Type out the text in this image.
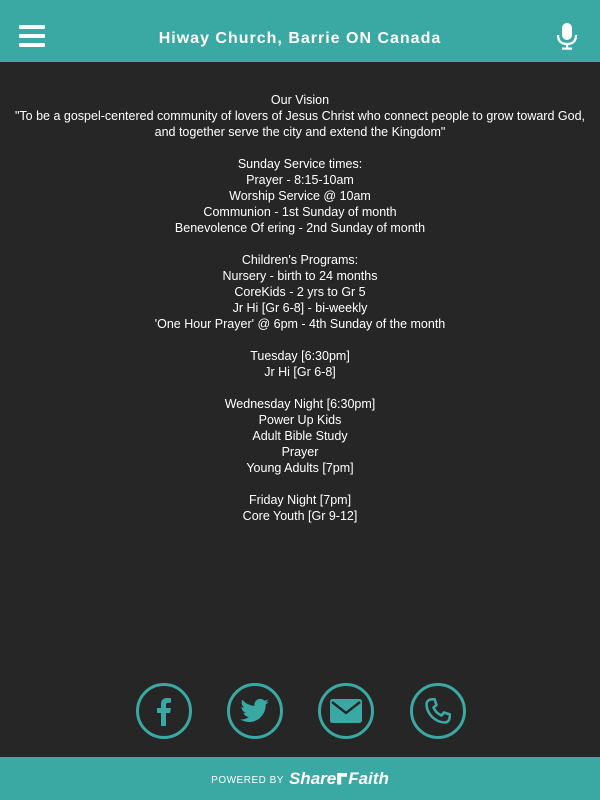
Hiway Church, Barrie ON Canada
Our Vision
"To be a gospel-centered community of lovers of Jesus Christ who connect people to grow toward God,
and together serve the city and extend the Kingdom"
Sunday Service times:
Prayer - 8:15-10am
Worship Service @ 10am
Communion - 1st Sunday of month
Benevolence Of ering - 2nd Sunday of month
Children's Programs:
Nursery - birth to 24 months
CoreKids - 2 yrs to Gr 5
Jr Hi [Gr 6-8] - bi-weekly
'One Hour Prayer' @ 6pm - 4th Sunday of the month
Tuesday [6:30pm]
Jr Hi [Gr 6-8]
Wednesday Night [6:30pm]
Power Up Kids
Adult Bible Study
Prayer
Young Adults [7pm]
Friday Night [7pm]
Core Youth [Gr 9-12]
POWERED BY Share Faith
